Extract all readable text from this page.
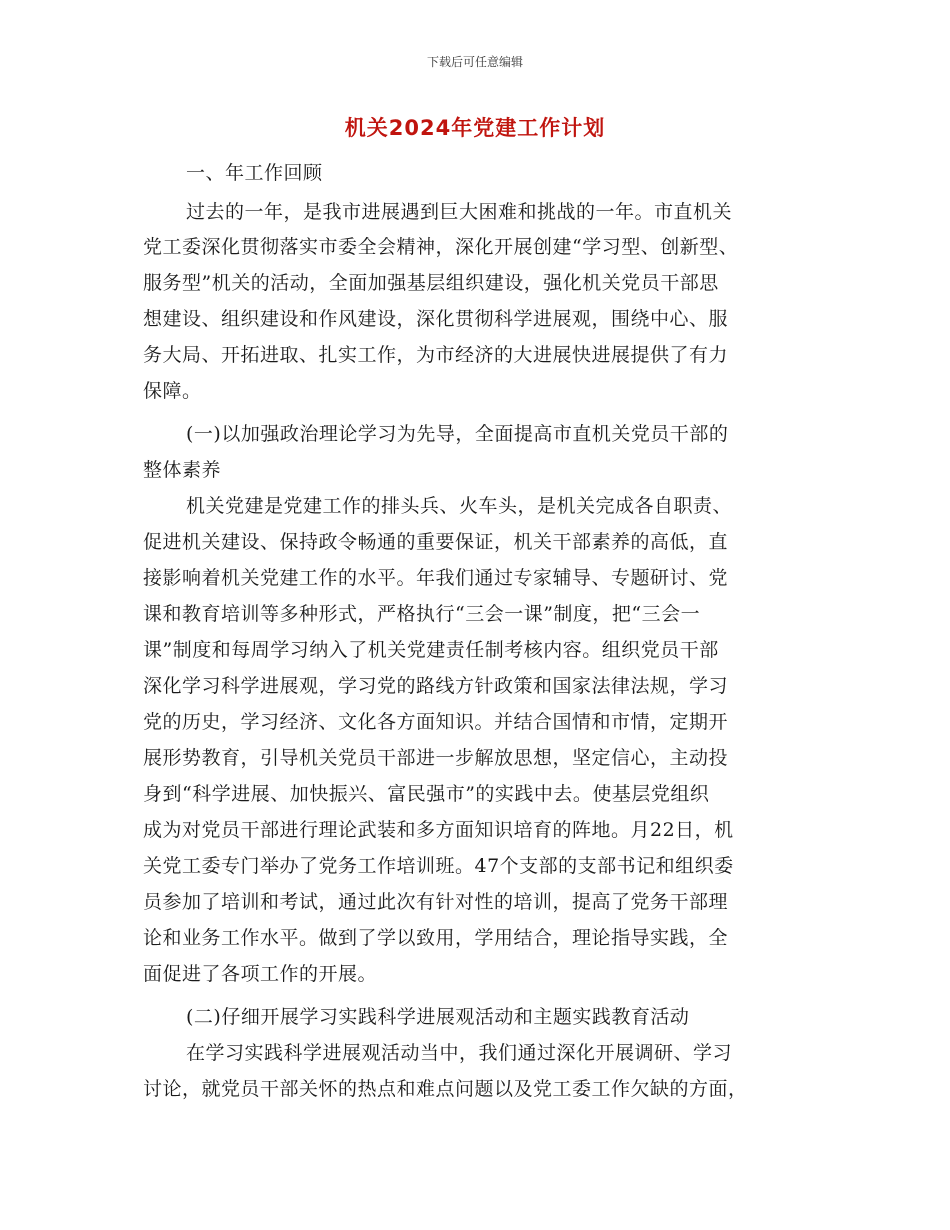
下载后可任意编辑
机关2024年党建工作计划
一、年工作回顾
过去的一年，是我市进展遇到巨大困难和挑战的一年。市直机关
党工委深化贯彻落实市委全会精神，深化开展创建“学习型、创新型、
服务型”机关的活动，全面加强基层组织建设，强化机关党员干部思
想建设、组织建设和作风建设，深化贯彻科学进展观，围绕中心、服
务大局、开拓进取、扎实工作，为市经济的大进展快进展提供了有力
保障。
(一)以加强政治理论学习为先导，全面提高市直机关党员干部的
整体素养
机关党建是党建工作的排头兵、火车头，是机关完成各自职责、
促进机关建设、保持政令畅通的重要保证，机关干部素养的高低，直
接影响着机关党建工作的水平。年我们通过专家辅导、专题研讨、党
课和教育培训等多种形式，严格执行“三会一课”制度，把“三会一
课”制度和每周学习纳入了机关党建责任制考核内容。组织党员干部
深化学习科学进展观，学习党的路线方针政策和国家法律法规，学习
党的历史，学习经济、文化各方面知识。并结合国情和市情，定期开
展形势教育，引导机关党员干部进一步解放思想，坚定信心，主动投
身到“科学进展、加快振兴、富民强市”的实践中去。使基层党组织
成为对党员干部进行理论武装和多方面知识培育的阵地。月22日，机
关党工委专门举办了党务工作培训班。47个支部的支部书记和组织委
员参加了培训和考试，通过此次有针对性的培训，提高了党务干部理
论和业务工作水平。做到了学以致用，学用结合，理论指导实践，全
面促进了各项工作的开展。
(二)仔细开展学习实践科学进展观活动和主题实践教育活动
在学习实践科学进展观活动当中，我们通过深化开展调研、学习
讨论，就党员干部关怀的热点和难点问题以及党工委工作欠缺的方面，
